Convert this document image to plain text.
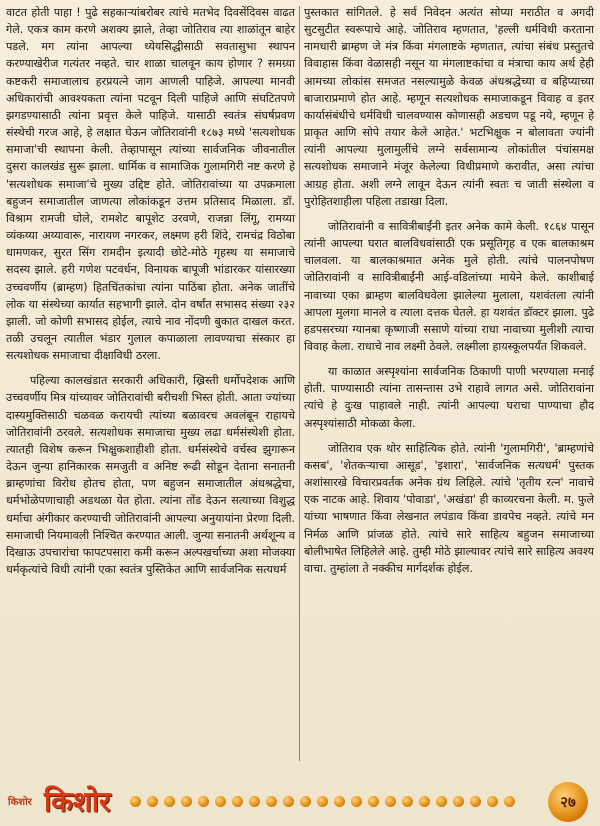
वाटत होती पाहा ! पुढे सहकाऱ्यांबरोबर त्यांचे मतभेद दिवसेंदिवस वाढत गेले. एकत्र काम करणे अशक्य झाले, तेव्हा जोतिराव त्या शाळांतून बाहेर पडले. मग त्यांना आपल्या ध्येयसिद्धीसाठी सवतासुभा स्थापन करण्याखेरीज गत्यंतर नव्हते. चार शाळा चालवून काय होणार ? समग्र्या कष्टकरी समाजालाच हरप्रयत्ने जाग आणली पाहिजे. आपल्या मानवी अधिकारांची आवश्यकता त्यांना पटवून दिली पाहिजे आणि संघटितपणे झगडण्यासाठी त्यांना प्रवृत्त केले पाहिजे. यासाठी स्वतंत्र संघर्षप्रवण संस्थेची गरज आहे, हे लक्षात घेऊन जोतिरावांनी १८७३ मध्ये 'सत्यशोधक समाजा'ची स्थापना केली. तेव्हापासून त्यांच्या सार्वजनिक जीवनातील दुसरा कालखंड सुरू झाला. धार्मिक व सामाजिक गुलामगिरी नष्ट करणे हे 'सत्यशोधक समाजा'चे मुख्य उद्दिष्ट होते. जोतिरावांच्या या उपक्रमाला बहुजन समाजातील जाणत्या लोकांकडून उत्तम प्रतिसाद मिळाला. डॉ. विश्राम रामजी घोले, रामशेट बापूशेट उरवणे, राजन्ना लिंगू, रामय्या व्यंकय्या अय्यावारू, नारायण नगरकर, लक्ष्मण हरी शिंदे, रामचंद्र विठोबा धामणकर, सुरत सिंग रामदीन इत्यादी छोटे-मोठे गृहस्थ या समाजाचे सदस्य झाले. हरी गणेश पटवर्धन, विनायक बापूजी भांडारकर यांसारख्या उच्चवर्णीय (ब्राम्हण) हितचिंतकांचा त्यांना पाठिंबा होता. अनेक जातींचे लोक या संस्थेच्या कार्यात सहभागी झाले. दोन वर्षांत सभासद संख्या २३२ झाली. जो कोणी सभासद होईल, त्याचे नाव नोंदणी बुकात दाखल करत. तळी उचलून त्यातील भंडार गुलाल कपाळाला लावण्याचा संस्कार हा सत्यशोधक समाजाचा दीक्षाविधी ठरला.

पहिल्या कालखंडात सरकारी अधिकारी, ख्रिस्ती धर्मोपदेशक आणि उच्चवर्णीय मित्र यांच्यावर जोतिरावांची बरीचशी भिस्त होती. आता ज्यांच्या दास्यमुक्तिसाठी चळवळ करायची त्यांच्या बळावरच अवलंबून राहायचे जोतिरावांनी ठरवले. सत्यशोधक समाजाचा मुख्य लढा धर्मसंस्थेशी होता. त्यातही विशेष करून भिक्षुकशाहीशी होता. धर्मसंस्थेचे वर्चस्व झुगारून देऊन जुन्या हानिकारक समजुती व अनिष्ट रूढी सोडून देताना सनातनी ब्राम्हणांचा विरोध होतच होता, पण बहुजन समाजातील अंधश्रद्धेचा, धर्मभोळेपणाचाही अडथळा येत होता. त्यांना तोंड देऊन सत्याच्या विशुद्ध धर्माचा अंगीकार करण्याची जोतिरावांनी आपल्या अनुयायांना प्रेरणा दिली. समाजाची नियमावली निश्चित करण्यात आली. जुन्या सनातनी अर्थशून्य व दिखाऊ उपचारांचा फापटपसारा कमी करून अल्पखर्चाच्या अशा मोजक्या धर्मकृत्यांचे विधी त्यांनी एका स्वतंत्र पुस्तिकेत आणि सार्वजनिक सत्यधर्म

पुस्तकात सांगितले. हे सर्व निवेदन अत्यंत सोप्या मराठीत व अगदी सुटसुटीत स्वरूपाचे आहे. जोतिराव म्हणतात, 'हल्ली धर्मविधी करताना नामधारी ब्राम्हण जे मंत्र किंवा मंगलाष्टके म्हणतात, त्यांचा संबंध प्रस्तुतचे विवाहास किंवा वेळासही नसून या मंगलाष्टकांचा व मंत्राचा काय अर्थ हेही आमच्या लोकांस समजत नसल्यामुळे केवळ अंधश्रद्धेच्या व बहिप्याच्या बाजाराप्रमाणे होत आहे. म्हणून सत्यशोधक समाजाकडून विवाह व इतर कार्यासंबंधीचे धर्मविधी चालवण्यास कोणासही अडचण पडू नये, म्हणून हे प्राकृत आणि सोपे तयार केले आहेत.' भटभिक्षुक न बोलावता ज्यांनी त्यांनी आपल्या मुलामुलींचे लग्ने सर्वसामान्य लोकांतील पंचांसमक्ष सत्यशोधक समाजाने मंजूर केलेल्या विधीप्रमाणे करावीत, असा त्यांचा आग्रह होता. अशी लग्ने लावून देऊन त्यांनी स्वतः च जाती संस्थेला व पुरोहितशाहीला पहिला तडाखा दिला.

जोतिरावांनी व सावित्रीबाईंनी इतर अनेक कामे केली. १८६४ पासून त्यांनी आपल्या घरात बालविधवांसाठी एक प्रसूतिगृह व एक बालकाश्रम चालवला. या बालकाश्रमात अनेक मुले होती. त्यांचे पालनपोषण जोतिरावांनी व सावित्रीबाईंनी आई-वडिलांच्या मायेने केले. काशीबाई नावाच्या एका ब्राम्हण बालविधवेला झालेल्या मुलाला, यशवंतला त्यांनी आपला मुलगा मानले व त्याला दत्तक घेतले. हा यशवंत डॉक्टर झाला. पुढे हडपसरच्या ग्यानबा कृष्णाजी ससाणे यांच्या राधा नावाच्या मुलीशी त्याचा विवाह केला. राधाचे नाव लक्ष्मी ठेवले. लक्ष्मीला हायस्कूलपर्यंत शिकवले.

या काळात अस्पृश्यांना सार्वजनिक ठिकाणी पाणी भरण्याला मनाई होती. पाण्यासाठी त्यांना तासन्तास उभे राहावे लागत असे. जोतिरावांना त्यांचे हे दुःख पाहावले नाही. त्यांनी आपल्या घराचा पाण्याचा हौद अस्पृश्यांसाठी मोकळा केला.

जोतिराव एक थोर साहित्यिक होते. त्यांनी 'गुलामगिरी', 'ब्राम्हणांचे कसब', 'शेतकऱ्याचा आसूड', 'इशारा', 'सार्वजनिक सत्यधर्म' पुस्तक अशांसारखे विचारप्रवर्तक अनेक ग्रंथ लिहिले. त्यांचे 'तृतीय रत्न' नावाचे एक नाटक आहे. शिवाय 'पोवाडा', 'अखंडा' ही काव्यरचना केली. म. फुले यांच्या भाषणात किंवा लेखनात लपंडाव किंवा डावपेच नव्हते. त्यांचे मन निर्मळ आणि प्रांजळ होते. त्यांचे सारे साहित्य बहुजन समाजाच्या बोलीभाषेत लिहिलेले आहे. तुम्ही मोठे झाल्यावर त्यांचे सारे साहित्य अवश्य वाचा. तुम्हांला ते नक्कीच मार्गदर्शक होईल.

किशोर किशोर	२७
